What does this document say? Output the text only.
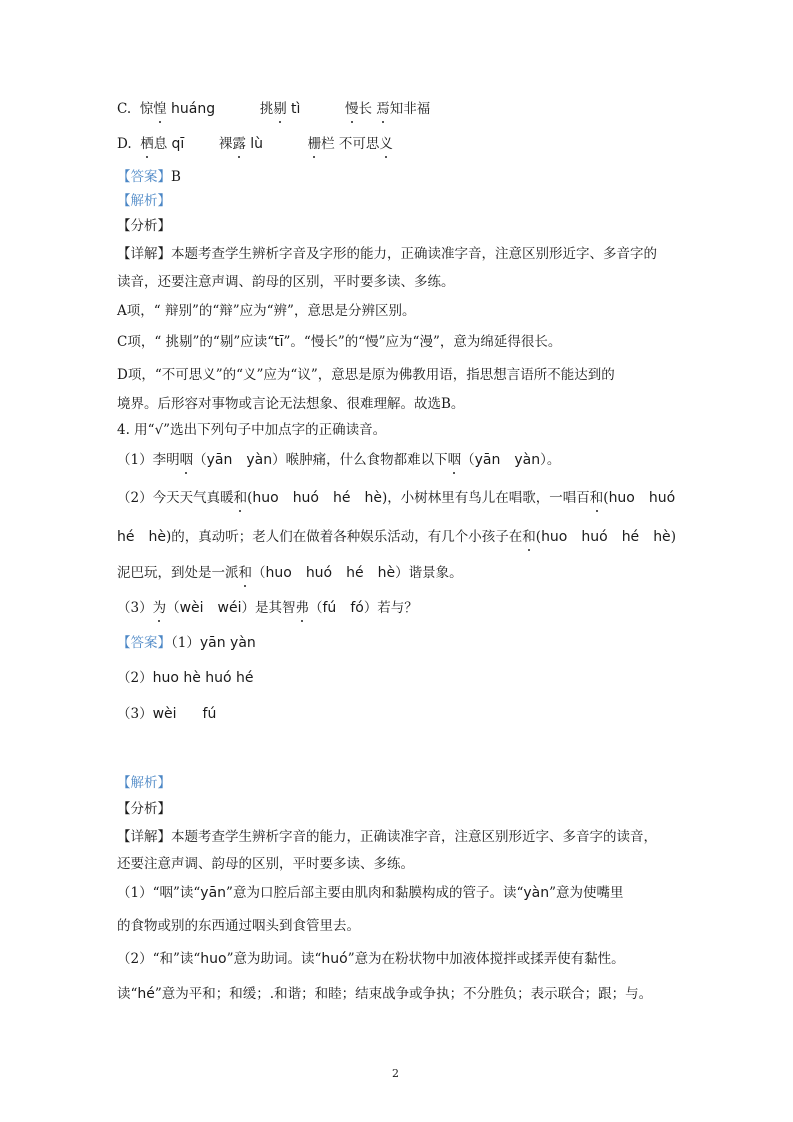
C. 惊惶 huáng	挑剔 tì	慢长 焉知非福
D. 栖息 qī	裸露 lù	栅栏 不可思义
【答案】B
【解析】
【分析】
【详解】本题考查学生辨析字音及字形的能力，正确读准字音，注意区别形近字、多音字的
读音，还要注意声调、韵母的区别，平时要多读、多练。
A项，“ 辩别”的“辩”应为“辨”，意思是分辨区别。
C项，“ 挑剔”的“剔”应读“tī”。“慢长”的“慢”应为“漫”，意为绵延得很长。
D项，“不可思义”的“义”应为“议”，意思是原为佛教用语，指思想言语所不能达到的
境界。后形容对事物或言论无法想象、很难理解。故选B。
4. 用“√”选出下列句子中加点字的正确读音。
（1）李明咽（yān yàn）喉肿痛，什么食物都难以下咽（yān yàn）。
（2）今天天气真暖和(huo huó hé hè)，小树林里有鸟儿在唱歌，一唱百和(huo huó
hé hè)的，真动听；老人们在做着各种娱乐活动，有几个小孩子在和(huo huó hé hè)
泥巴玩，到处是一派和（huo huó hé hè）谐景象。
（3）为（wèi wéi）是其智弗（fú fó）若与？
【答案】（1）yān yàn
（2）huo hè huó hé
（3）wèi fú
【解析】
【分析】
【详解】本题考查学生辨析字音的能力，正确读准字音，注意区别形近字、多音字的读音，
还要注意声调、韵母的区别，平时要多读、多练。
（1）“咽”读“yān”意为口腔后部主要由肌肉和黏膜构成的管子。读“yàn”意为使嘴里
的食物或别的东西通过咽头到食管里去。
（2）“和”读“huo”意为助词。读“huó”意为在粉状物中加液体搅拌或揉弄使有黏性。
读“hé”意为平和；和缓；.和谐；和睦；结束战争或争执；不分胜负；表示联合；跟；与。
2
